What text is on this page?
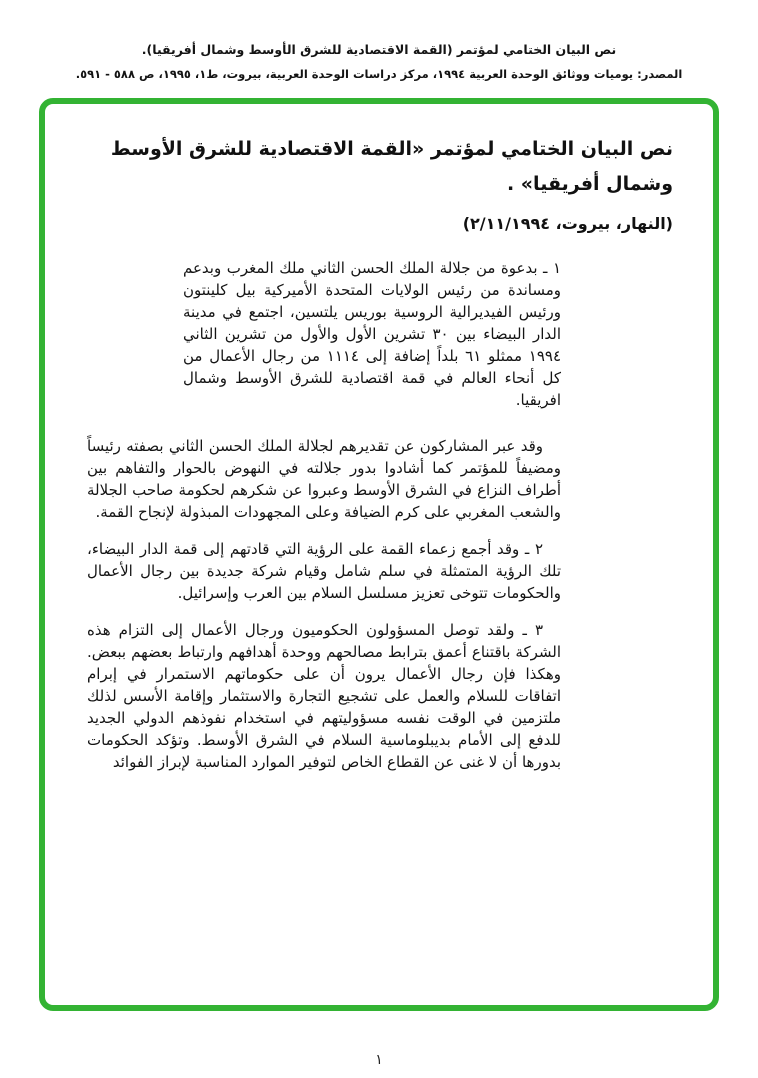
نص البيان الختامي لمؤتمر (القمة الاقتصادية للشرق الأوسط وشمال أفريقيا).
المصدر: يوميات ووثائق الوحدة العربية ١٩٩٤، مركز دراسات الوحدة العربية، بيروت، ط١، ١٩٩٥، ص ٥٨٨ - ٥٩١.
نص البيان الختامي لمؤتمر «القمة الاقتصادية للشرق الأوسط وشمال أفريقيا» .
(النهار، بيروت، ٢/١١/١٩٩٤)

١ ـ بدعوة من جلالة الملك الحسن الثاني ملك المغرب وبدعم ومساندة من رئيس الولايات المتحدة الأميركية بيل كلينتون ورئيس الفيديرالية الروسية بوريس يلتسين، اجتمع في مدينة الدار البيضاء بين ٣٠ تشرين الأول والأول من تشرين الثاني ١٩٩٤ ممثلو ٦١ بلداً إضافة إلى ١١١٤ من رجال الأعمال من كل أنحاء العالم في قمة اقتصادية للشرق الأوسط وشمال افريقيا.

وقد عبر المشاركون عن تقديرهم لجلالة الملك الحسن الثاني بصفته رئيساً ومضيفاً للمؤتمر كما أشادوا بدور جلالته في النهوض بالحوار والتفاهم بين أطراف النزاع في الشرق الأوسط وعبروا عن شكرهم لحكومة صاحب الجلالة والشعب المغربي على كرم الضيافة وعلى المجهودات المبذولة لإنجاح القمة.

٢ ـ وقد أجمع زعماء القمة على الرؤية التي قادتهم إلى قمة الدار البيضاء، تلك الرؤية المتمثلة في سلم شامل وقيام شركة جديدة بين رجال الأعمال والحكومات تتوخى تعزيز مسلسل السلام بين العرب وإسرائيل.

٣ ـ ولقد توصل المسؤولون الحكوميون ورجال الأعمال إلى التزام هذه الشركة باقتناع أعمق بترابط مصالحهم ووحدة أهدافهم وارتباط بعضهم ببعض. وهكذا فإن رجال الأعمال يرون أن على حكوماتهم الاستمرار في إبرام اتفاقات للسلام والعمل على تشجيع التجارة والاستثمار وإقامة الأسس لذلك ملتزمين في الوقت نفسه مسؤوليتهم في استخدام نفوذهم الدولي الجديد للدفع إلى الأمام بديبلوماسية السلام في الشرق الأوسط. وتؤكد الحكومات بدورها أن لا غنى عن القطاع الخاص لتوفير الموارد المناسبة لإبراز الفوائد

١
